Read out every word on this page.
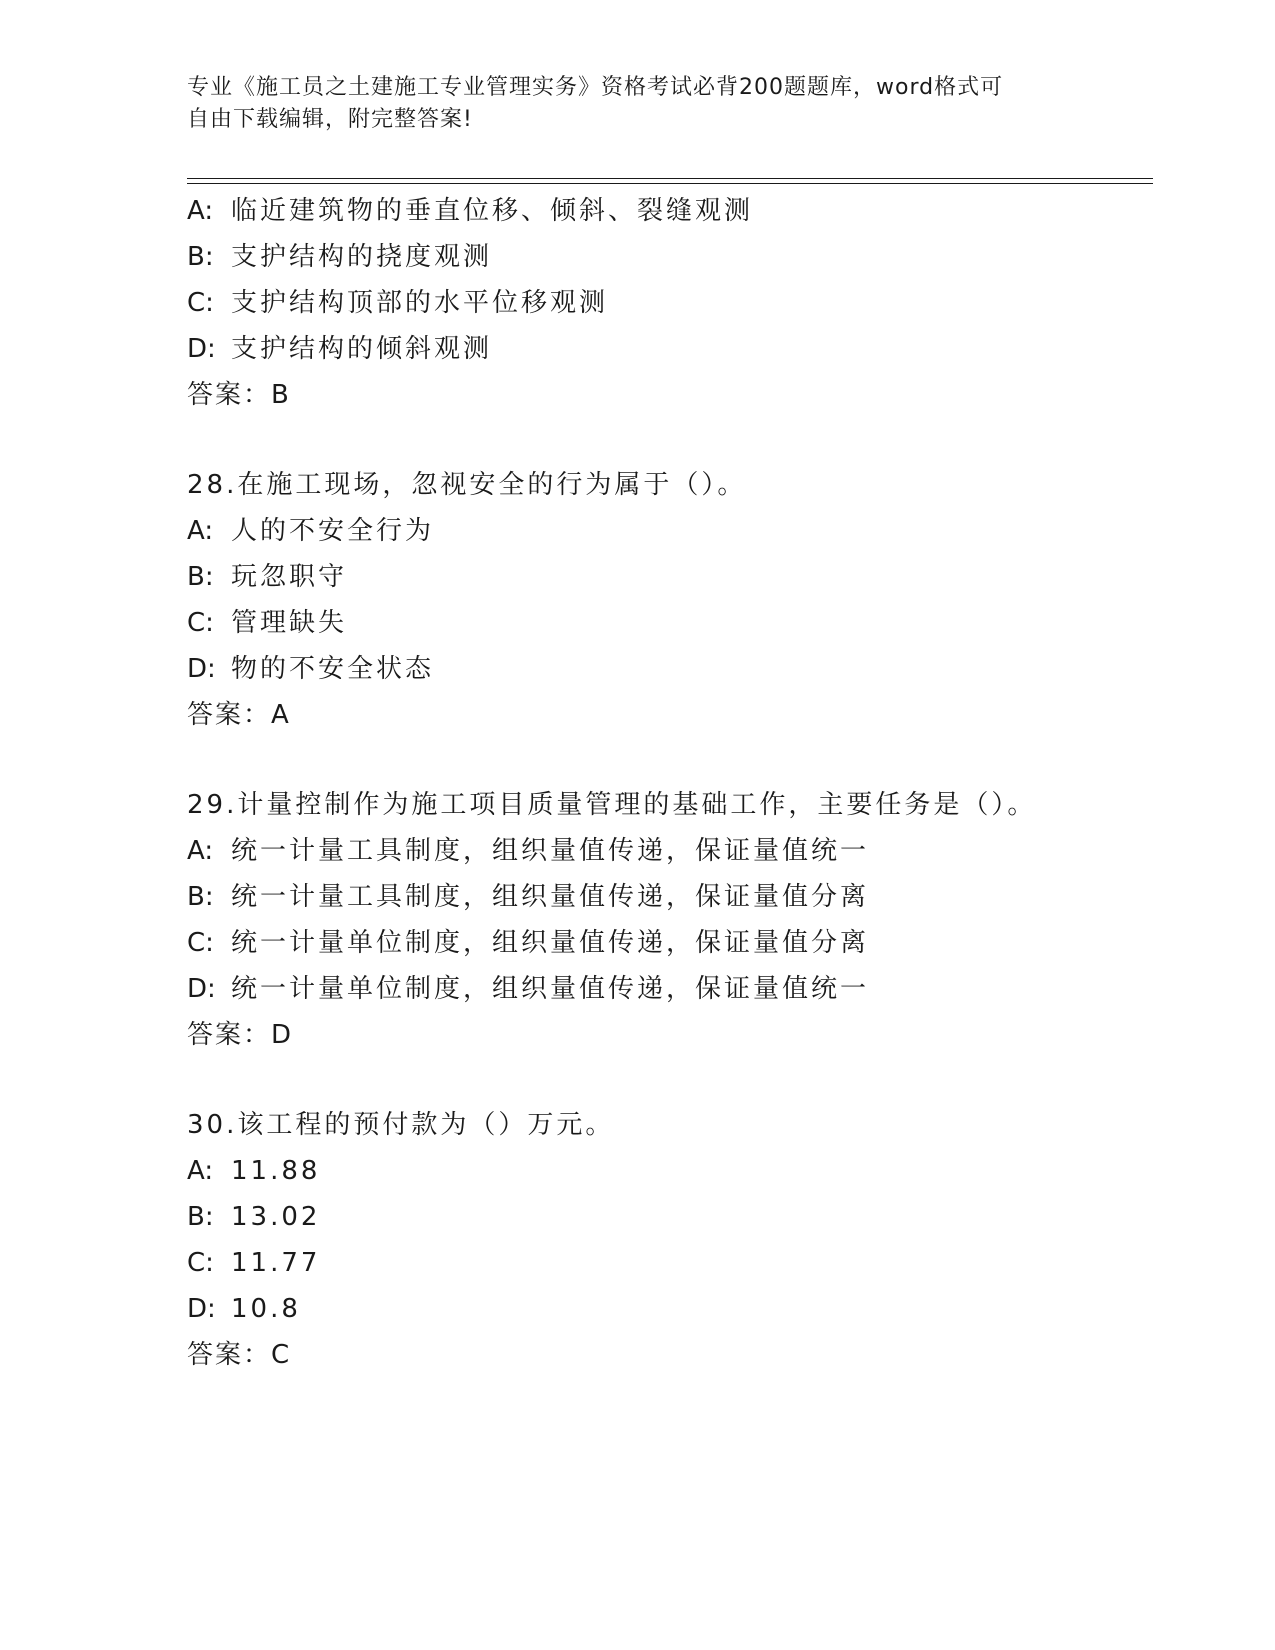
专业《施工员之土建施工专业管理实务》资格考试必背200题题库，word格式可
自由下载编辑，附完整答案!
A: 临近建筑物的垂直位移、倾斜、裂缝观测
B: 支护结构的挠度观测
C: 支护结构顶部的水平位移观测
D: 支护结构的倾斜观测
答案：B
28.在施工现场，忽视安全的行为属于（）。
A: 人的不安全行为
B: 玩忽职守
C: 管理缺失
D: 物的不安全状态
答案：A
29.计量控制作为施工项目质量管理的基础工作，主要任务是（）。
A: 统一计量工具制度，组织量值传递，保证量值统一
B: 统一计量工具制度，组织量值传递，保证量值分离
C: 统一计量单位制度，组织量值传递，保证量值分离
D: 统一计量单位制度，组织量值传递，保证量值统一
答案：D
30.该工程的预付款为（）万元。
A: 11.88
B: 13.02
C: 11.77
D: 10.8
答案：C
